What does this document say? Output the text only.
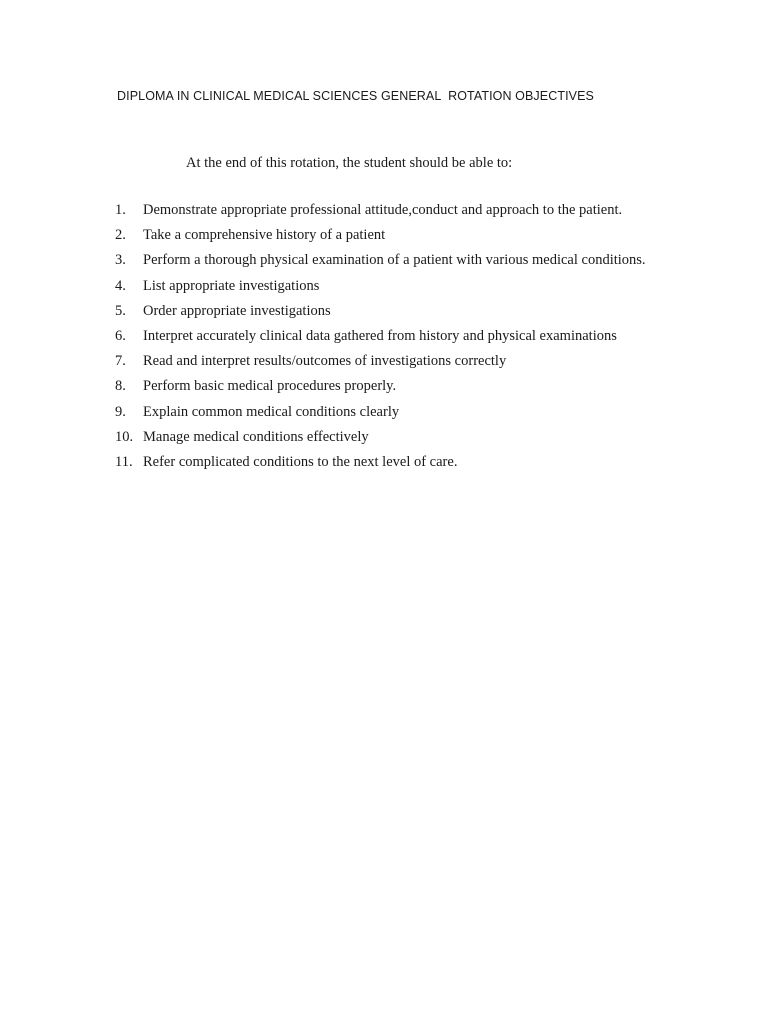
DIPLOMA IN CLINICAL MEDICAL SCIENCES GENERAL  ROTATION OBJECTIVES

At the end of this rotation, the student should be able to:

1.	Demonstrate appropriate professional attitude,conduct and approach to the patient.
2.	Take a comprehensive history of a patient
3.	Perform a thorough physical examination of a patient with various medical conditions.
4.	List appropriate investigations
5.	Order appropriate investigations
6.	Interpret accurately clinical data gathered from history and physical examinations
7.	Read and interpret results/outcomes of investigations correctly
8.	Perform basic medical procedures properly.
9.	Explain common medical conditions clearly
10. Manage medical conditions effectively
11. Refer complicated conditions to the next level of care.
